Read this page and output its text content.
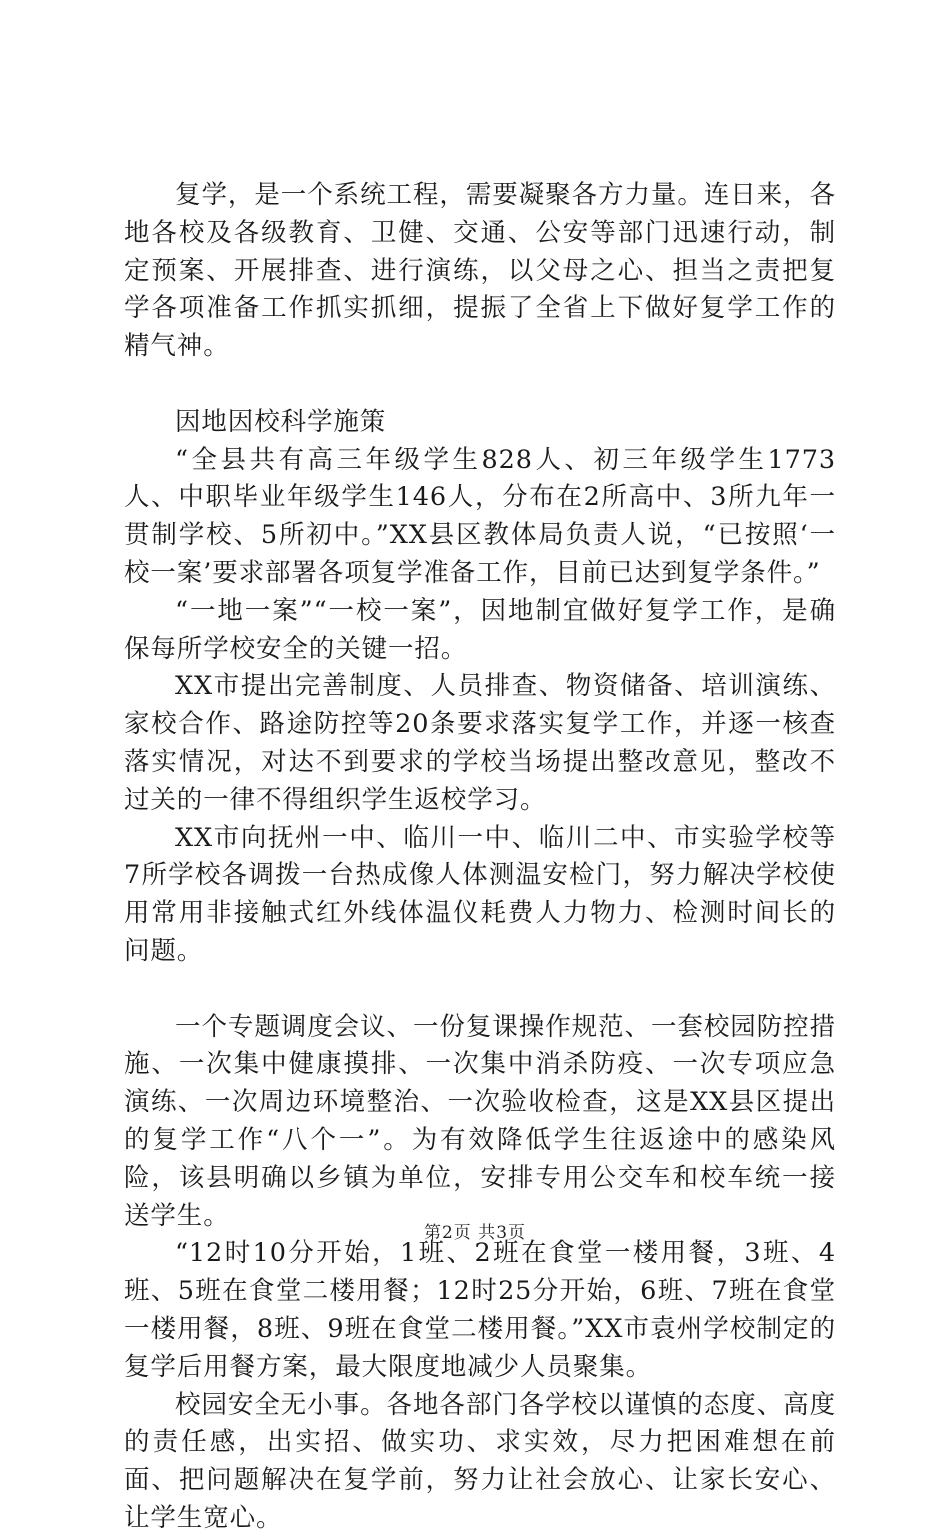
复学，是一个系统工程，需要凝聚各方力量。连日来，各地各校及各级教育、卫健、交通、公安等部门迅速行动，制定预案、开展排查、进行演练，以父母之心、担当之责把复学各项准备工作抓实抓细，提振了全省上下做好复学工作的精气神。

因地因校科学施策

“全县共有高三年级学生828人、初三年级学生1773人、中职毕业年级学生146人，分布在2所高中、3所九年一贯制学校、5所初中。”XX县区教体局负责人说，“已按照‘一校一案’要求部署各项复学准备工作，目前已达到复学条件。”

“一地一案”“一校一案”，因地制宜做好复学工作，是确保每所学校安全的关键一招。

XX市提出完善制度、人员排查、物资储备、培训演练、家校合作、路途防控等20条要求落实复学工作，并逐一核查落实情况，对达不到要求的学校当场提出整改意见，整改不过关的一律不得组织学生返校学习。

XX市向抚州一中、临川一中、临川二中、市实验学校等7所学校各调拨一台热成像人体测温安检门，努力解决学校使用常用非接触式红外线体温仪耗费人力物力、检测时间长的问题。

一个专题调度会议、一份复课操作规范、一套校园防控措施、一次集中健康摸排、一次集中消杀防疫、一次专项应急演练、一次周边环境整治、一次验收检查，这是XX县区提出的复学工作“八个一”。为有效降低学生往返途中的感染风险，该县明确以乡镇为单位，安排专用公交车和校车统一接送学生。

“12时10分开始，1班、2班在食堂一楼用餐，3班、4班、5班在食堂二楼用餐；12时25分开始，6班、7班在食堂一楼用餐，8班、9班在食堂二楼用餐。”XX市袁州学校制定的复学后用餐方案，最大限度地减少人员聚集。

校园安全无小事。各地各部门各学校以谨慎的态度、高度的责任感，出实招、做实功、求实效，尽力把困难想在前面、把问题解决在复学前，努力让社会放心、让家长安心、让学生宽心。

第2页 共3页
